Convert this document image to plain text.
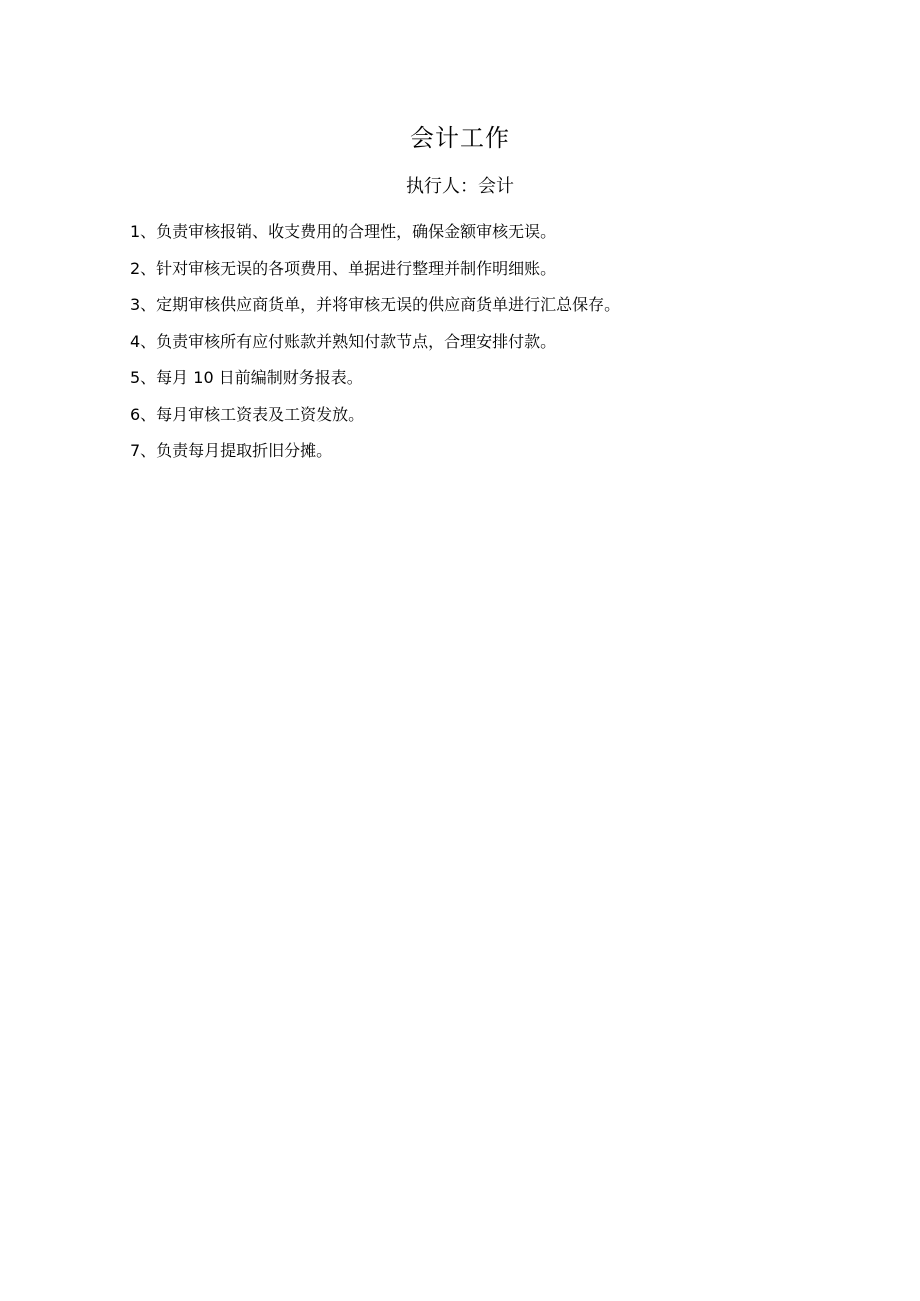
会计工作
执行人：会计
1、负责审核报销、收支费用的合理性，确保金额审核无误。
2、针对审核无误的各项费用、单据进行整理并制作明细账。
3、定期审核供应商货单，并将审核无误的供应商货单进行汇总保存。
4、负责审核所有应付账款并熟知付款节点，合理安排付款。
5、每月 10 日前编制财务报表。
6、每月审核工资表及工资发放。
7、负责每月提取折旧分摊。
